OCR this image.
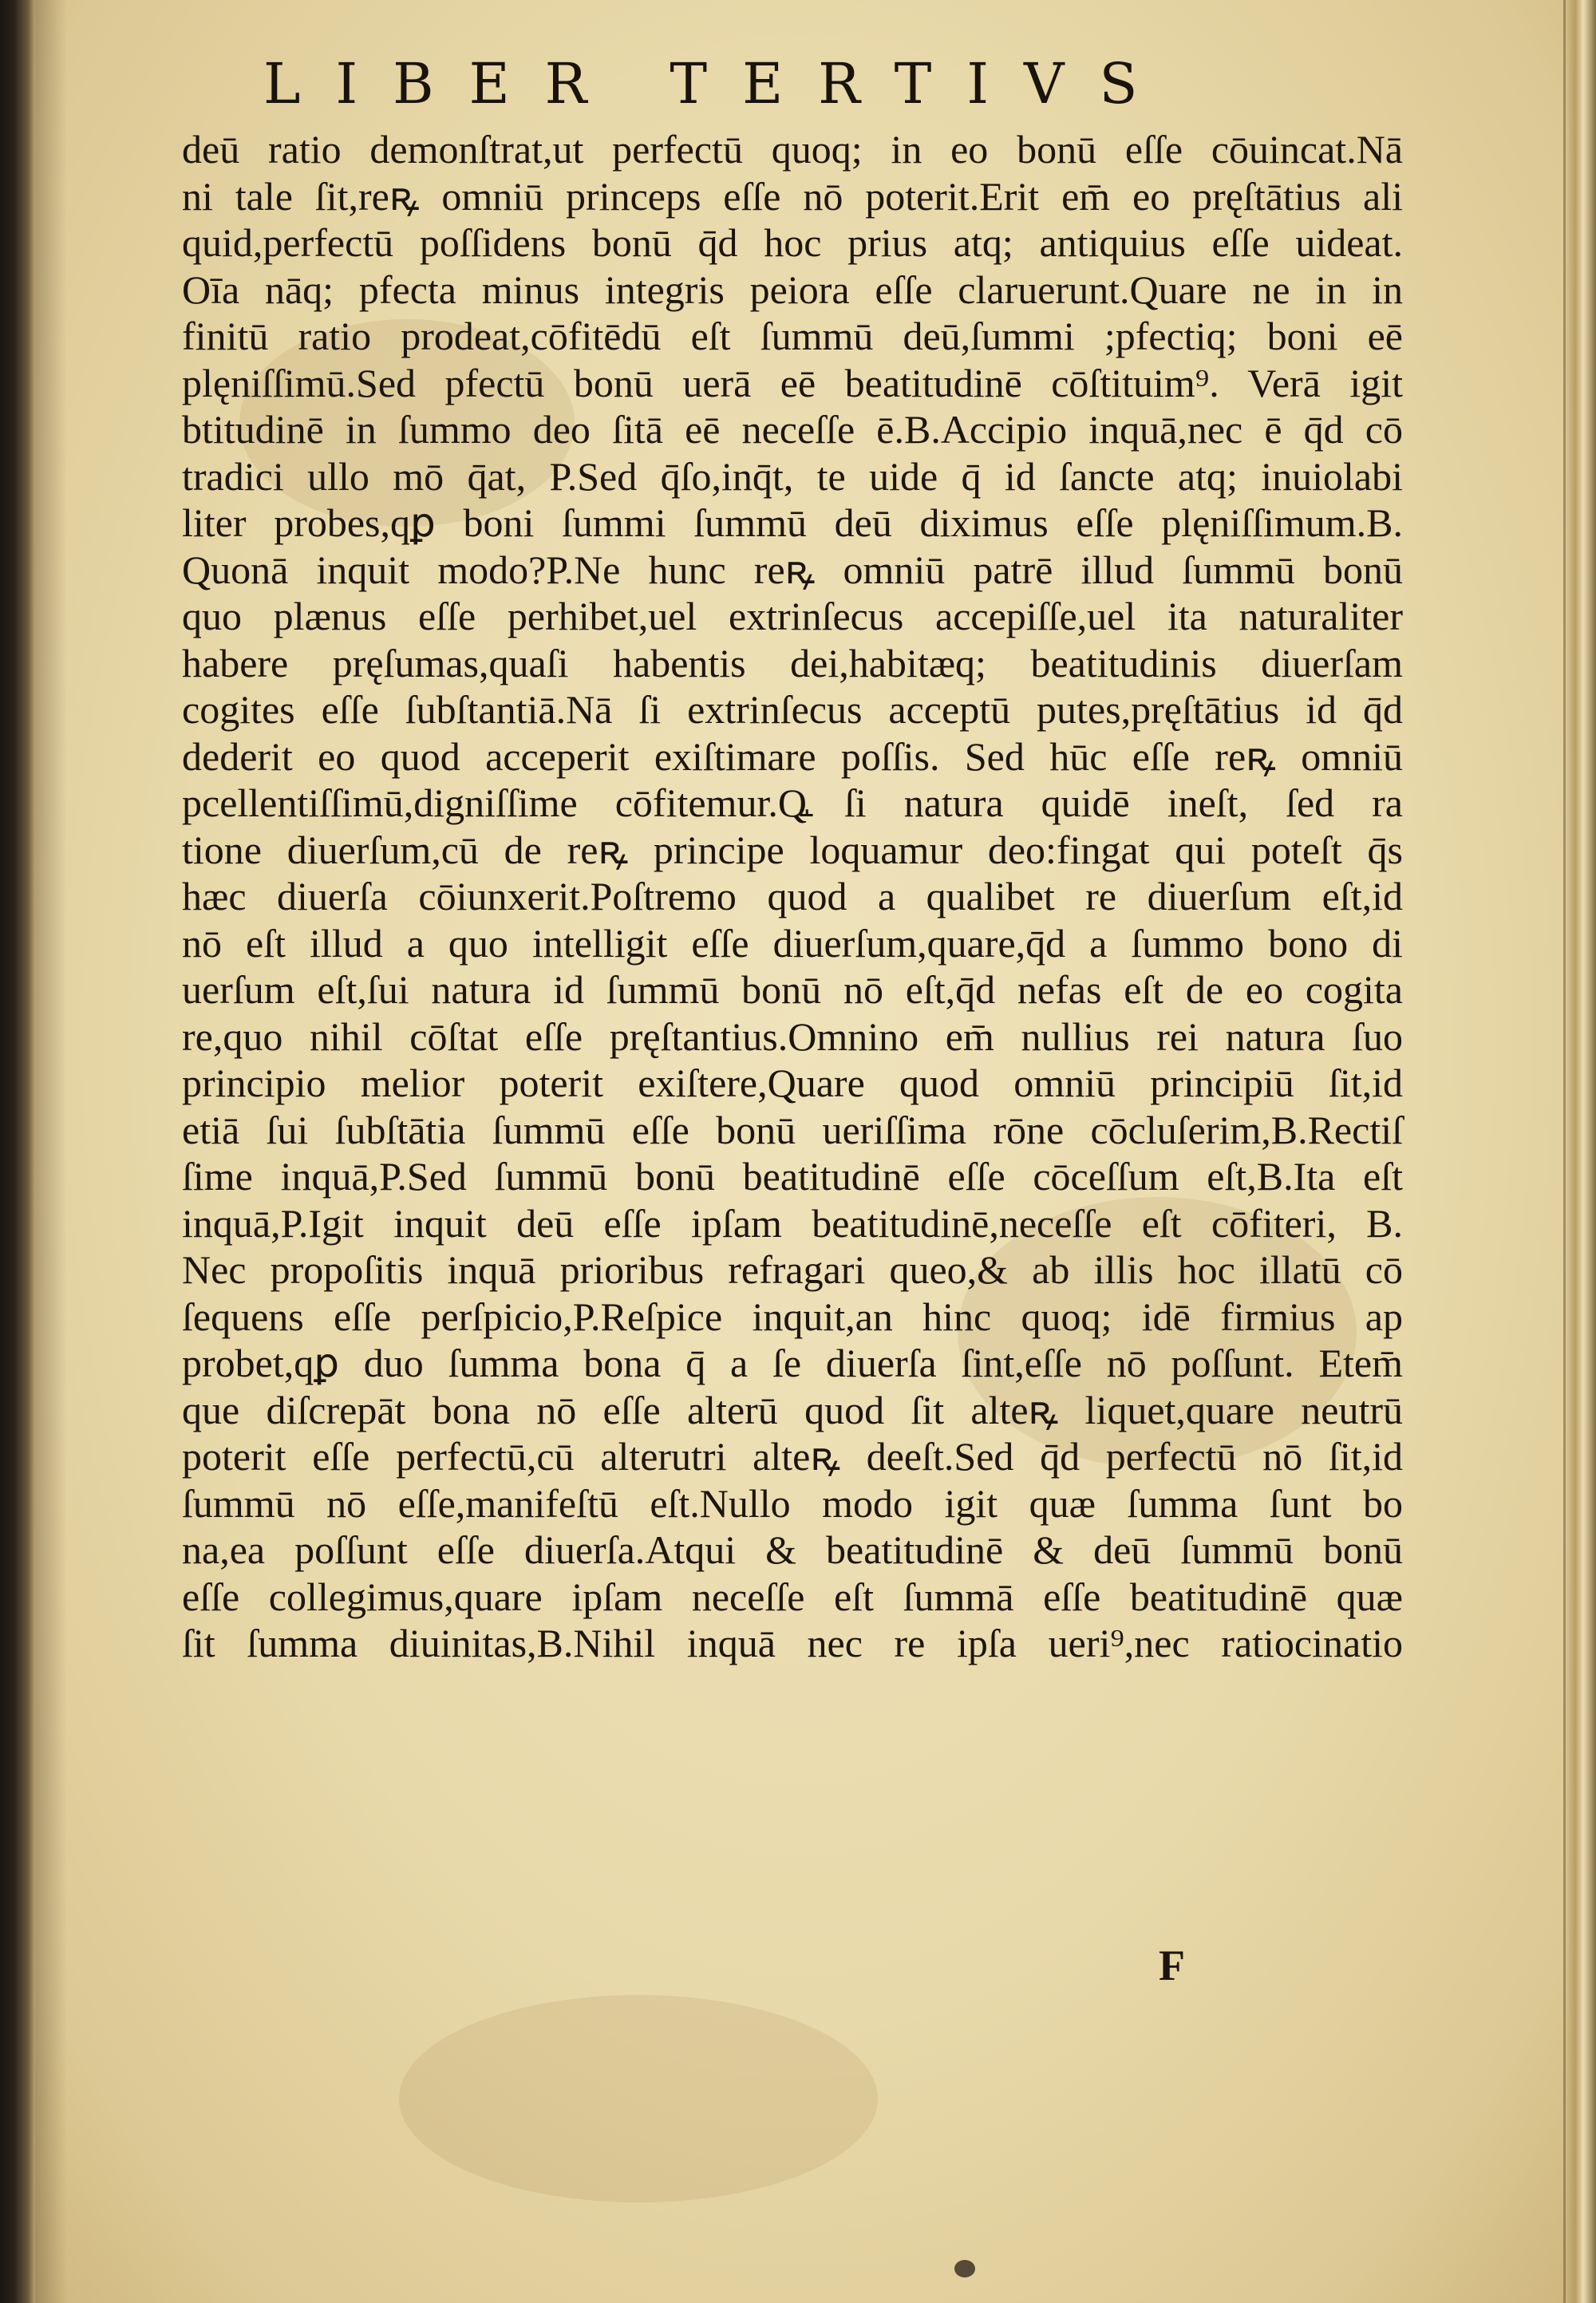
LIBER TERTIVS
deū ratio demonſtrat,ut perfectū quoq; in eo bonū eſſe cōuincat.Nā
ni tale ſit,reꝶ omniū princeps eſſe nō poterit.Erit em̄ eo pręſtātius ali
quid,perfectū poſſidens bonū q̄d hoc prius atq; antiquius eſſe uideat.
Oīa nāq; pfecta minus integris peiora eſſe claruerunt.Quare ne in in
finitū ratio prodeat,cōfitēdū eſt ſummū deū,ſummi ;pfectiq; boni eē
plęniſſimū.Sed pfectū bonū uerā eē beatitudinē cōſtituim⁹. Verā igit
btitudinē in ſummo deo ſitā eē neceſſe ē.B.Accipio inquā,nec ē q̄d cō
tradici ullo mō q̄at, P.Sed q̄ſo,inq̄t, te uide q̄ id ſancte atq; inuiolabi
liter probes,qꝑ boni ſummi ſummū deū diximus eſſe plęniſſimum.B.
Quonā inquit modo?P.Ne hunc reꝶ omniū patrē illud ſummū bonū
quo plænus eſſe perhibet,uel extrinſecus accepiſſe,uel ita naturaliter
habere pręſumas,quaſi habentis dei,habitæq; beatitudinis diuerſam
cogites eſſe ſubſtantiā.Nā ſi extrinſecus acceptū putes,pręſtātius id q̄d
dederit eo quod acceperit exiſtimare poſſis. Sed hūc eſſe reꝶ omniū
pcellentiſſimū,digniſſime cōfitemur.Q꜡ ſi natura quidē ineſt, ſed ra
tione diuerſum,cū de reꝶ principe loquamur deo:fingat qui poteſt q̄s
hæc diuerſa cōiunxerit.Poſtremo quod a qualibet re diuerſum eſt,id
nō eſt illud a quo intelligit eſſe diuerſum,quare,q̄d a ſummo bono di
uerſum eſt,ſui natura id ſummū bonū nō eſt,q̄d nefas eſt de eo cogita
re,quo nihil cōſtat eſſe pręſtantius.Omnino em̄ nullius rei natura ſuo
principio melior poterit exiſtere,Quare quod omniū principiū ſit,id
etiā ſui ſubſtātia ſummū eſſe bonū ueriſſima rōne cōcluſerim,B.Rectiſ
ſime inquā,P.Sed ſummū bonū beatitudinē eſſe cōceſſum eſt,B.Ita eſt
inquā,P.Igit inquit deū eſſe ipſam beatitudinē,neceſſe eſt cōfiteri, B.
Nec propoſitis inquā prioribus refragari queo,& ab illis hoc illatū cō
ſequens eſſe perſpicio,P.Reſpice inquit,an hinc quoq; idē firmius ap
probet,qꝑ duo ſumma bona q̄ a ſe diuerſa ſint,eſſe nō poſſunt. Etem̄
que diſcrepāt bona nō eſſe alterū quod ſit alteꝶ liquet,quare neutrū
poterit eſſe perfectū,cū alterutri alteꝶ deeſt.Sed q̄d perfectū nō ſit,id
ſummū nō eſſe,manifeſtū eſt.Nullo modo igit quæ ſumma ſunt bo
na,ea poſſunt eſſe diuerſa.Atqui & beatitudinē & deū ſummū bonū
eſſe collegimus,quare ipſam neceſſe eſt ſummā eſſe beatitudinē quæ
ſit ſumma diuinitas,B.Nihil inquā nec re ipſa ueri⁹,nec ratiocinatio
F
